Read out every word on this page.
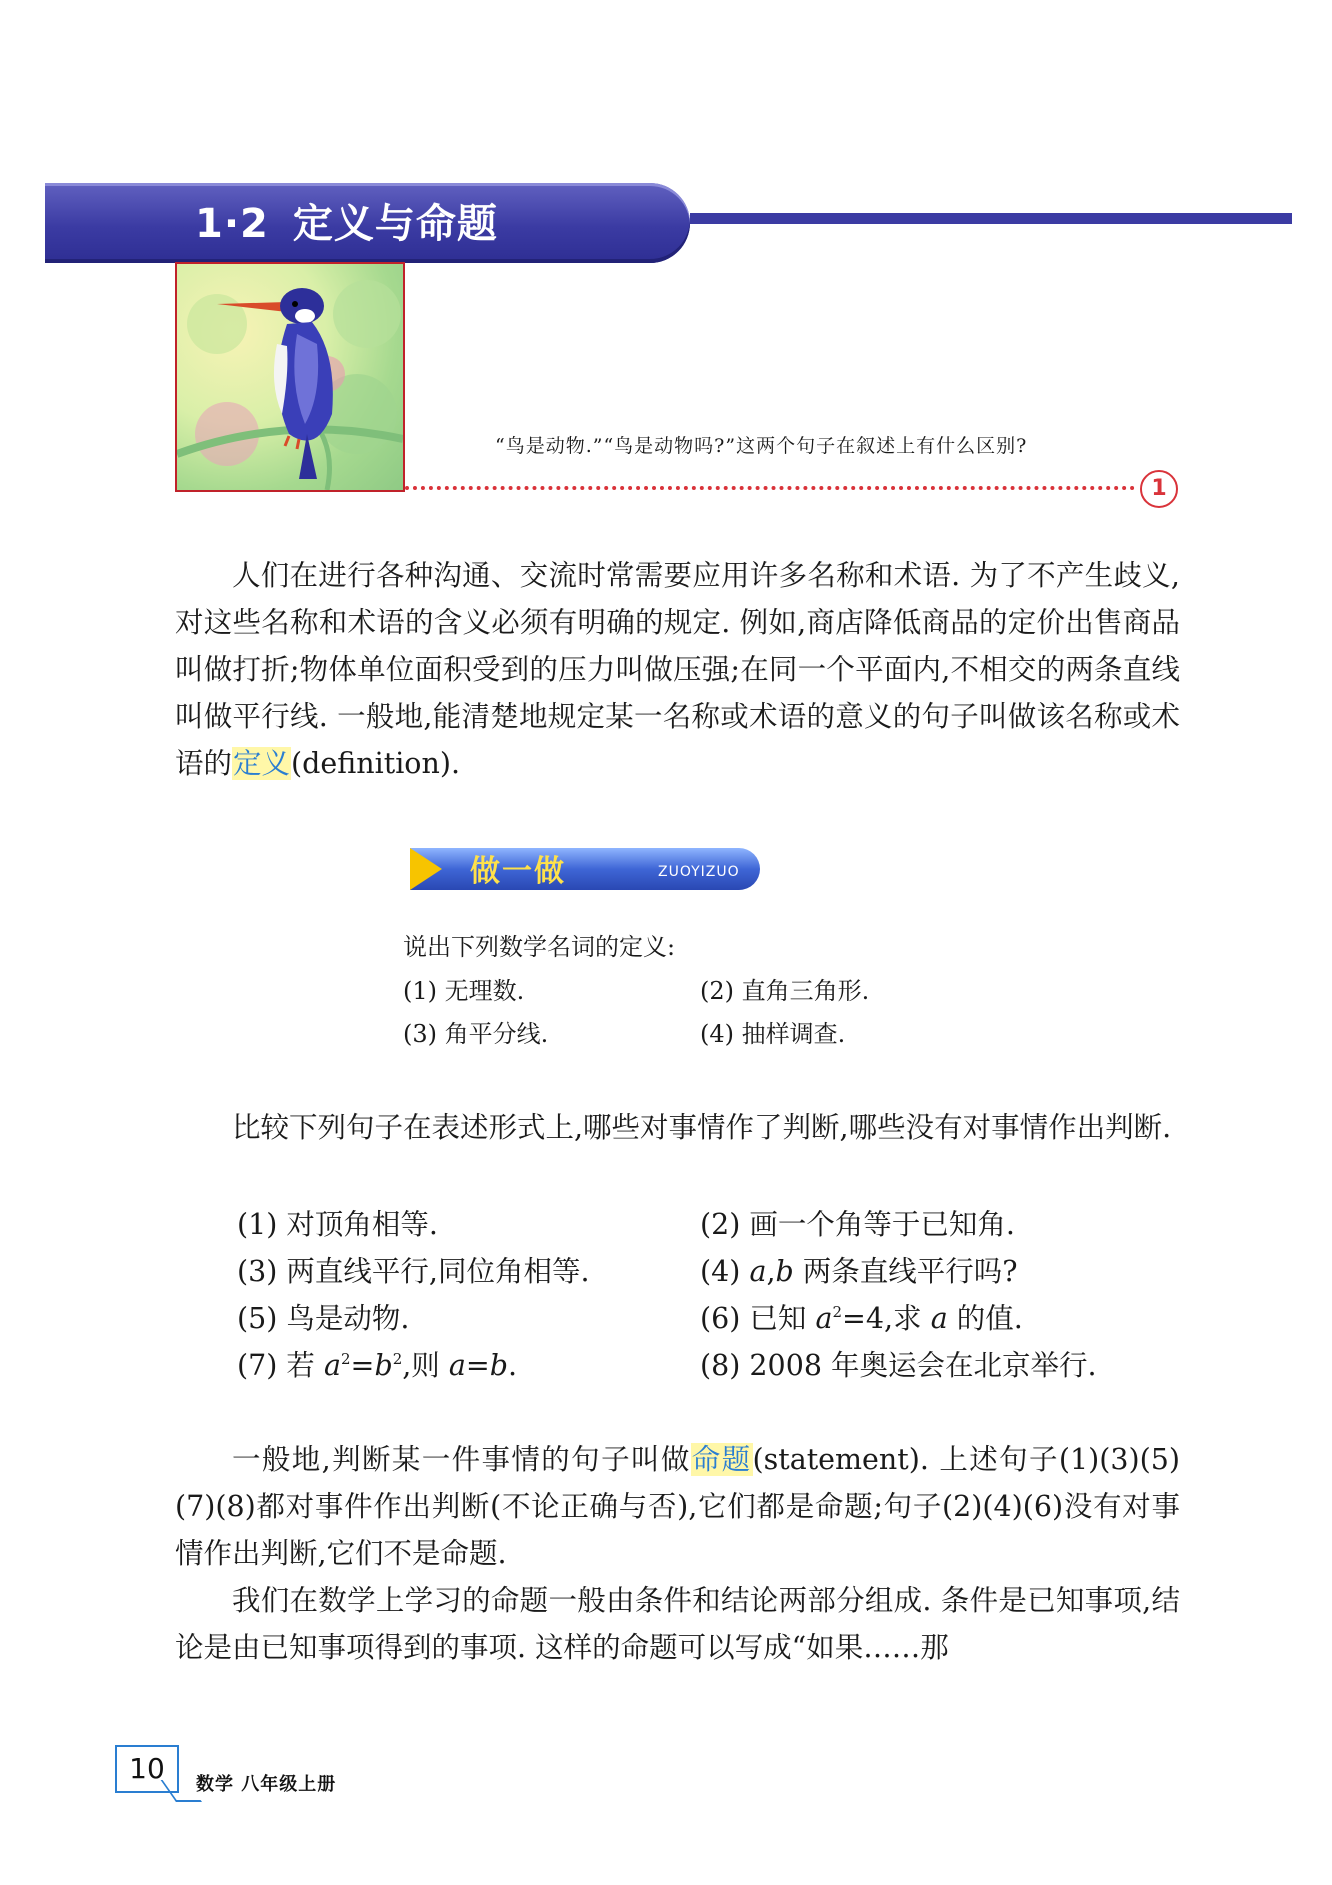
1·2 定义与命题
“鸟是动物.”“鸟是动物吗?”这两个句子在叙述上有什么区别?
1
人们在进行各种沟通、交流时常需要应用许多名称和术语. 为了不产生歧义,对这些名称和术语的含义必须有明确的规定. 例如,商店降低商品的定价出售商品叫做打折;物体单位面积受到的压力叫做压强;在同一个平面内,不相交的两条直线叫做平行线. 一般地,能清楚地规定某一名称或术语的意义的句子叫做该名称或术语的定义(definition).
做一做	ZUOYIZUO
说出下列数学名词的定义:
(1) 无理数.	(2) 直角三角形.
(3) 角平分线.	(4) 抽样调查.
比较下列句子在表述形式上,哪些对事情作了判断,哪些没有对事情作出判断.
(1) 对顶角相等.	(2) 画一个角等于已知角.
(3) 两直线平行,同位角相等.	(4) a,b 两条直线平行吗?
(5) 鸟是动物.	(6) 已知 $a^2=4$,求 a 的值.
(7) 若 $a^2=b^2$,则 a=b.	(8) 2008 年奥运会在北京举行.
一般地,判断某一件事情的句子叫做命题(statement). 上述句子(1)(3)(5)(7)(8)都对事件作出判断(不论正确与否),它们都是命题;句子(2)(4)(6)没有对事情作出判断,它们不是命题.
我们在数学上学习的命题一般由条件和结论两部分组成. 条件是已知事项,结论是由已知事项得到的事项. 这样的命题可以写成“如果……那
10	数学 八年级上册
